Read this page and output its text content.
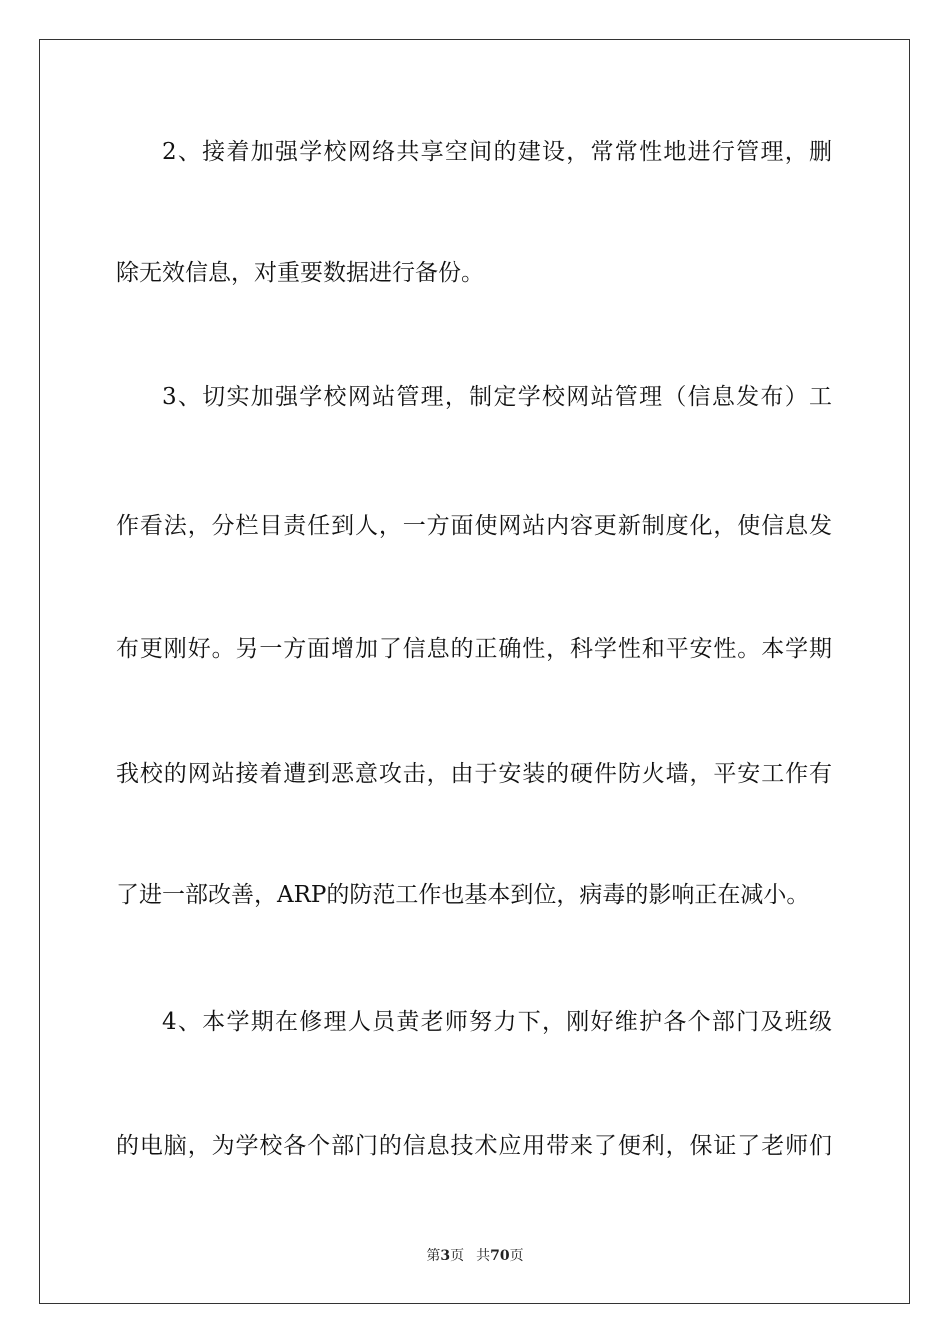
2、接着加强学校网络共享空间的建设，常常性地进行管理，删
除无效信息，对重要数据进行备份。
3、切实加强学校网站管理，制定学校网站管理（信息发布）工
作看法，分栏目责任到人，一方面使网站内容更新制度化，使信息发
布更刚好。另一方面增加了信息的正确性，科学性和平安性。本学期
我校的网站接着遭到恶意攻击，由于安装的硬件防火墙，平安工作有
了进一部改善，ARP的防范工作也基本到位，病毒的影响正在减小。
4、本学期在修理人员黄老师努力下，刚好维护各个部门及班级
的电脑，为学校各个部门的信息技术应用带来了便利，保证了老师们
第3页 共70页
